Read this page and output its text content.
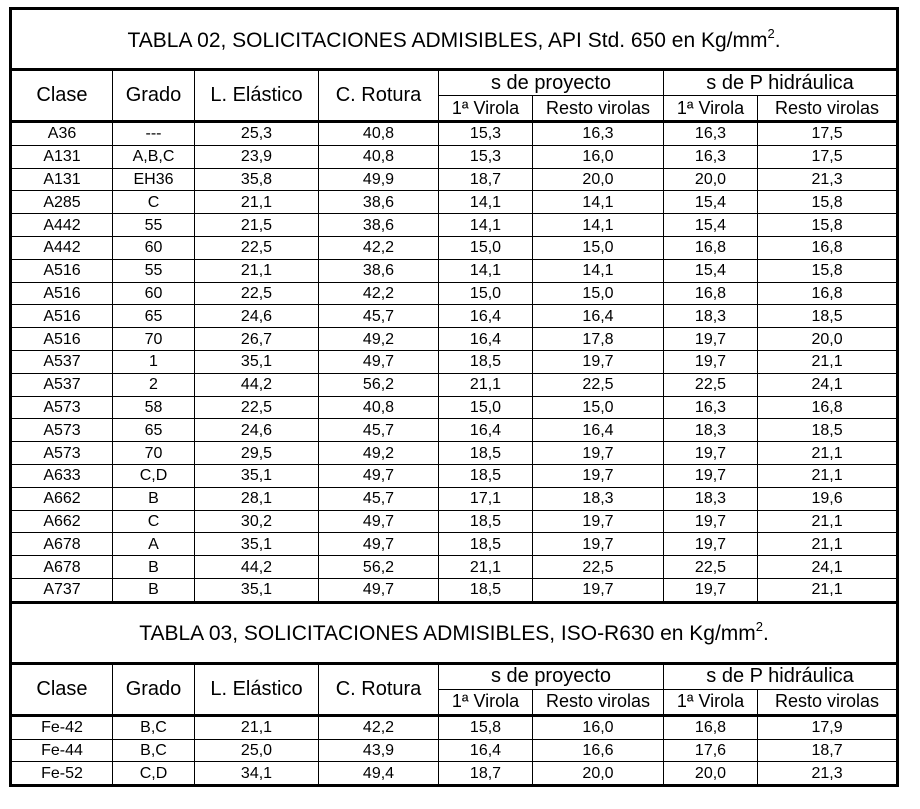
TABLA 02, SOLICITACIONES ADMISIBLES, API Std. 650 en $Kg/mm^2$.							
Clase	Grado	L. Elástico	C. Rotura	s de proyecto		s de P hidráulica	
				1ª Virola	Resto virolas	1ª Virola	Resto virolas
A36	---	25,3	40,8	15,3	16,3	16,3	17,5
A131	A,B,C	23,9	40,8	15,3	16,0	16,3	17,5
A131	EH36	35,8	49,9	18,7	20,0	20,0	21,3
A285	C	21,1	38,6	14,1	14,1	15,4	15,8
A442	55	21,5	38,6	14,1	14,1	15,4	15,8
A442	60	22,5	42,2	15,0	15,0	16,8	16,8
A516	55	21,1	38,6	14,1	14,1	15,4	15,8
A516	60	22,5	42,2	15,0	15,0	16,8	16,8
A516	65	24,6	45,7	16,4	16,4	18,3	18,5
A516	70	26,7	49,2	16,4	17,8	19,7	20,0
A537	1	35,1	49,7	18,5	19,7	19,7	21,1
A537	2	44,2	56,2	21,1	22,5	22,5	24,1
A573	58	22,5	40,8	15,0	15,0	16,3	16,8
A573	65	24,6	45,7	16,4	16,4	18,3	18,5
A573	70	29,5	49,2	18,5	19,7	19,7	21,1
A633	C,D	35,1	49,7	18,5	19,7	19,7	21,1
A662	B	28,1	45,7	17,1	18,3	18,3	19,6
A662	C	30,2	49,7	18,5	19,7	19,7	21,1
A678	A	35,1	49,7	18,5	19,7	19,7	21,1
A678	B	44,2	56,2	21,1	22,5	22,5	24,1
A737	B	35,1	49,7	18,5	19,7	19,7	21,1
TABLA 03, SOLICITACIONES ADMISIBLES, ISO-R630 en $Kg/mm^2$.							
Clase	Grado	L. Elástico	C. Rotura	s de proyecto		s de P hidráulica	
				1ª Virola	Resto virolas	1ª Virola	Resto virolas
Fe-42	B,C	21,1	42,2	15,8	16,0	16,8	17,9
Fe-44	B,C	25,0	43,9	16,4	16,6	17,6	18,7
Fe-52	C,D	34,1	49,4	18,7	20,0	20,0	21,3
